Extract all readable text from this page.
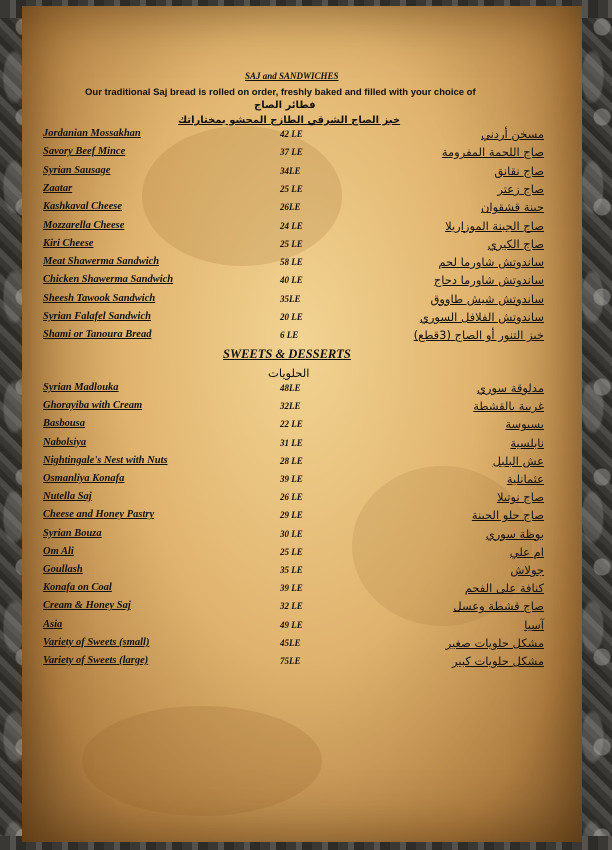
SAJ and SANDWICHES
Our traditional Saj bread is rolled on order, freshly baked and filled with your choice of
فطائر الصاج
خبز الصاج الشرقي الطازج المحشو بمختاراتك
Jordanian Mossakhan	42 LE	مسخن أردني
Savory Beef Mince	37 LE	صاج اللحمة المفرومة
Syrian Sausage	34LE	صاج نقانق
Zaatar	25 LE	صاج زعتر
Kashkaval Cheese	26LE	جبنة قشقوان
Mozzarella Cheese	24 LE	صاج الجبنة الموزاريلا
Kiri Cheese	25 LE	صاج الكيري
Meat Shawerma Sandwich	58 LE	ساندوتش شاورما لحم
Chicken Shawerma Sandwich	40 LE	ساندوتش شاورما دجاج
Sheesh Tawook Sandwich	35LE	ساندوتش شيش طاووق
Syrian Falafel Sandwich	20 LE	ساندوتش الفلافل السوري
Shami or Tanoura Bread	6 LE	خبز التنور أو الصاج (3قطع)
SWEETS & DESSERTS
الحلويات
Syrian Madlouka	48LE	مدلوقة سوري
Ghorayiba with Cream	32LE	غريبة بالقشطة
Basbousa	22 LE	بسبوسة
Nabolsiya	31 LE	نابلسية
Nightingale's Nest with Nuts	28 LE	عش البلبل
Osmanliya Konafa	39 LE	عثمانلية
Nutella Saj	26 LE	صاج نوتيلا
Cheese and Honey Pastry	29 LE	صاج حلو الجبنة
Syrian Bouza	30 LE	بوظة سوري
Om Ali	25 LE	ام علي
Goullash	35 LE	جولاش
Konafa on Coal	39 LE	كنافة على الفحم
Cream & Honey Saj	32 LE	صاج قشطة وعسل
Asia	49 LE	آسيا
Variety of Sweets (small)	45LE	مشكل حلويات صغير
Variety of Sweets (large)	75LE	مشكل حلويات كبير
